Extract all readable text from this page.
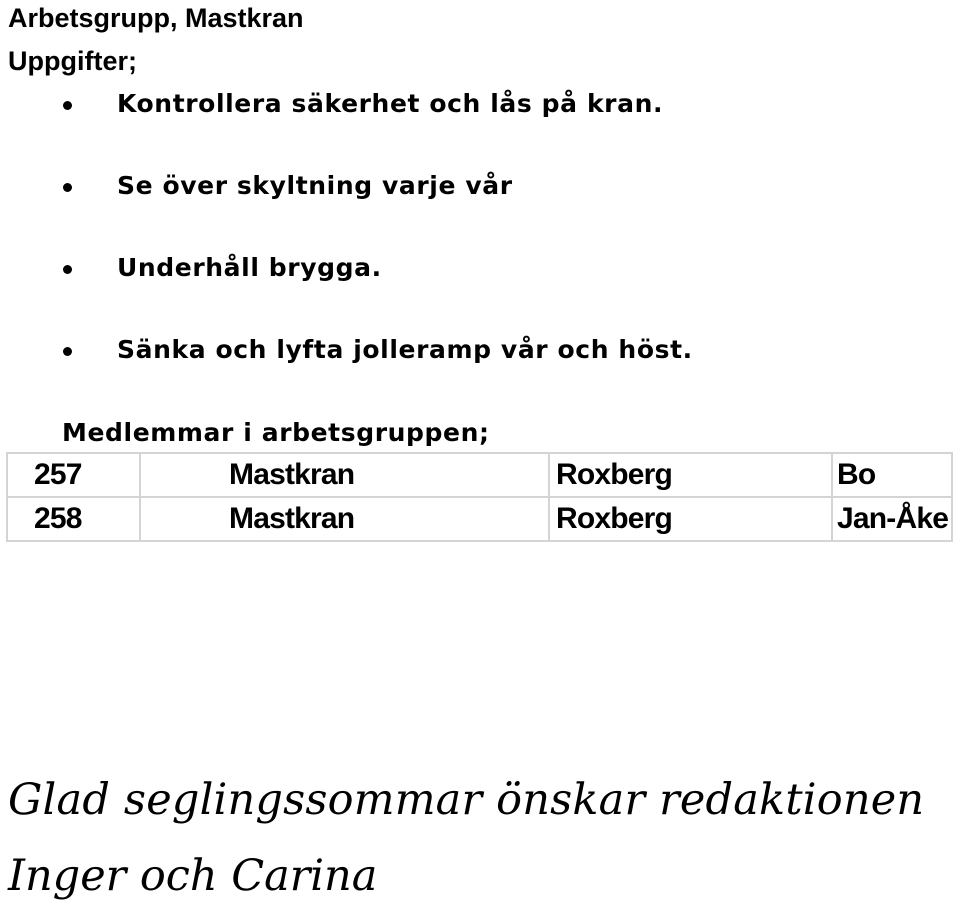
Arbetsgrupp, Mastkran
Uppgifter;
Kontrollera säkerhet och lås på kran.
Se över skyltning varje vår
Underhåll brygga.
Sänka och lyfta jolleramp vår och höst.
Medlemmar i arbetsgruppen;
257	Mastkran	Roxberg	Bo
258	Mastkran	Roxberg	Jan-Åke
Glad seglingssommar önskar redaktionen
Inger och Carina
